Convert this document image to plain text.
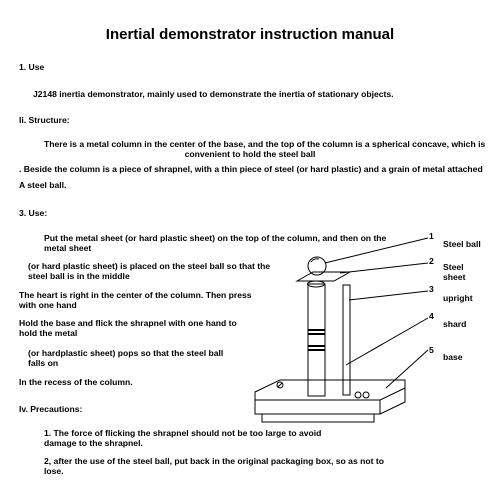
Inertial demonstrator instruction manual
1. Use
J2148 inertia demonstrator, mainly used to demonstrate the inertia of stationary objects.
Ii. Structure:
There is a metal column in the center of the base, and the top of the column is a spherical concave, which is
convenient to hold the steel ball
. Beside the column is a piece of shrapnel, with a thin piece of steel (or hard plastic) and a grain of metal attached
A steel ball.
3. Use:
Put the metal sheet (or hard plastic sheet) on the top of the column, and then on the
metal sheet
(or hard plastic sheet) is placed on the steel ball so that the
steel ball is in the middle
The heart is right in the center of the column. Then press
with one hand
Hold the base and flick the shrapnel with one hand to
hold the metal
(or hardplastic sheet) pops so that the steel ball
falls on
In the recess of the column.
Iv. Precautions:
1. The force of flicking the shrapnel should not be too large to avoid
damage to the shrapnel.
2, after the use of the steel ball, put back in the original packaging box, so as not to
lose.
1
Steel ball
2
Steel
sheet
3
upright
4
shard
5
base
